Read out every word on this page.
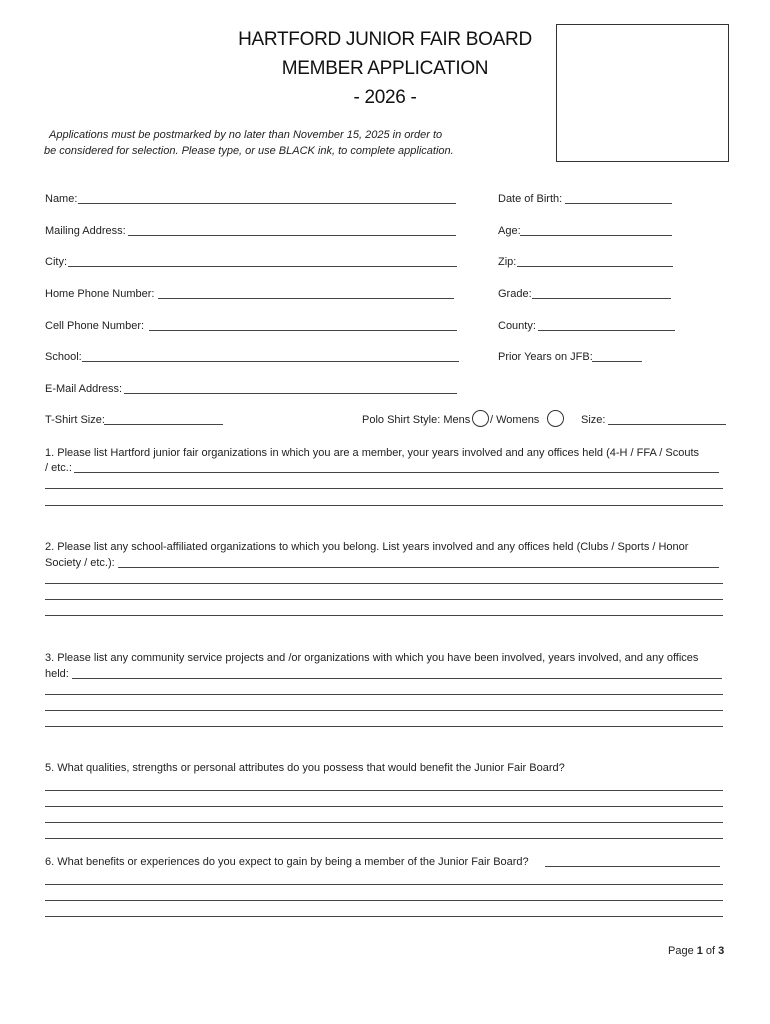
HARTFORD JUNIOR FAIR BOARD
MEMBER APPLICATION
- 2026 -
Applications must be postmarked by no later than November 15, 2025 in order to
be considered for selection. Please type, or use BLACK ink, to complete application.
Name:	Date of Birth:
Mailing Address:	Age:
City:	Zip:
Home Phone Number:	Grade:
Cell Phone Number:	County:
School:	Prior Years on JFB:
E-Mail Address:
T-Shirt Size:	Polo Shirt Style: Mens / Womens	Size:
1. Please list Hartford junior fair organizations in which you are a member, your years involved and any offices held (4-H / FFA / Scouts
/ etc.:
2. Please list any school-affiliated organizations to which you belong. List years involved and any offices held (Clubs / Sports / Honor
Society / etc.):
3. Please list any community service projects and /or organizations with which you have been involved, years involved, and any offices
held:
5. What qualities, strengths or personal attributes do you possess that would benefit the Junior Fair Board?
6. What benefits or experiences do you expect to gain by being a member of the Junior Fair Board?
Page 1 of 3
